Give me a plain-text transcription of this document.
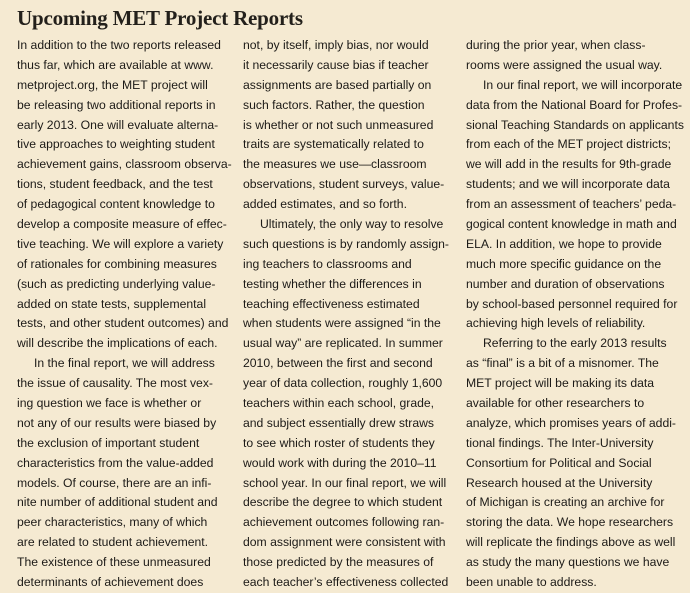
Upcoming MET Project Reports
In addition to the two reports released
thus far, which are available at www.
metproject.org, the MET project will
be releasing two additional reports in
early 2013. One will evaluate alterna-
tive approaches to weighting student
achievement gains, classroom observa-
tions, student feedback, and the test
of pedagogical content knowledge to
develop a composite measure of effec-
tive teaching. We will explore a variety
of rationales for combining measures
(such as predicting underlying value-
added on state tests, supplemental
tests, and other student outcomes) and
will describe the implications of each.
In the final report, we will address
the issue of causality. The most vex-
ing question we face is whether or
not any of our results were biased by
the exclusion of important student
characteristics from the value-added
models. Of course, there are an infi-
nite number of additional student and
peer characteristics, many of which
are related to student achievement.
The existence of these unmeasured
determinants of achievement does
not, by itself, imply bias, nor would
it necessarily cause bias if teacher
assignments are based partially on
such factors. Rather, the question
is whether or not such unmeasured
traits are systematically related to
the measures we use—classroom
observations, student surveys, value-
added estimates, and so forth.
Ultimately, the only way to resolve
such questions is by randomly assign-
ing teachers to classrooms and
testing whether the differences in
teaching effectiveness estimated
when students were assigned “in the
usual way” are replicated. In summer
2010, between the first and second
year of data collection, roughly 1,600
teachers within each school, grade,
and subject essentially drew straws
to see which roster of students they
would work with during the 2010–11
school year. In our final report, we will
describe the degree to which student
achievement outcomes following ran-
dom assignment were consistent with
those predicted by the measures of
each teacher’s effectiveness collected
during the prior year, when class-
rooms were assigned the usual way.
In our final report, we will incorporate
data from the National Board for Profes-
sional Teaching Standards on applicants
from each of the MET project districts;
we will add in the results for 9th-grade
students; and we will incorporate data
from an assessment of teachers’ peda-
gogical content knowledge in math and
ELA. In addition, we hope to provide
much more specific guidance on the
number and duration of observations
by school-based personnel required for
achieving high levels of reliability.
Referring to the early 2013 results
as “final” is a bit of a misnomer. The
MET project will be making its data
available for other researchers to
analyze, which promises years of addi-
tional findings. The Inter-University
Consortium for Political and Social
Research housed at the University
of Michigan is creating an archive for
storing the data. We hope researchers
will replicate the findings above as well
as study the many questions we have
been unable to address.
